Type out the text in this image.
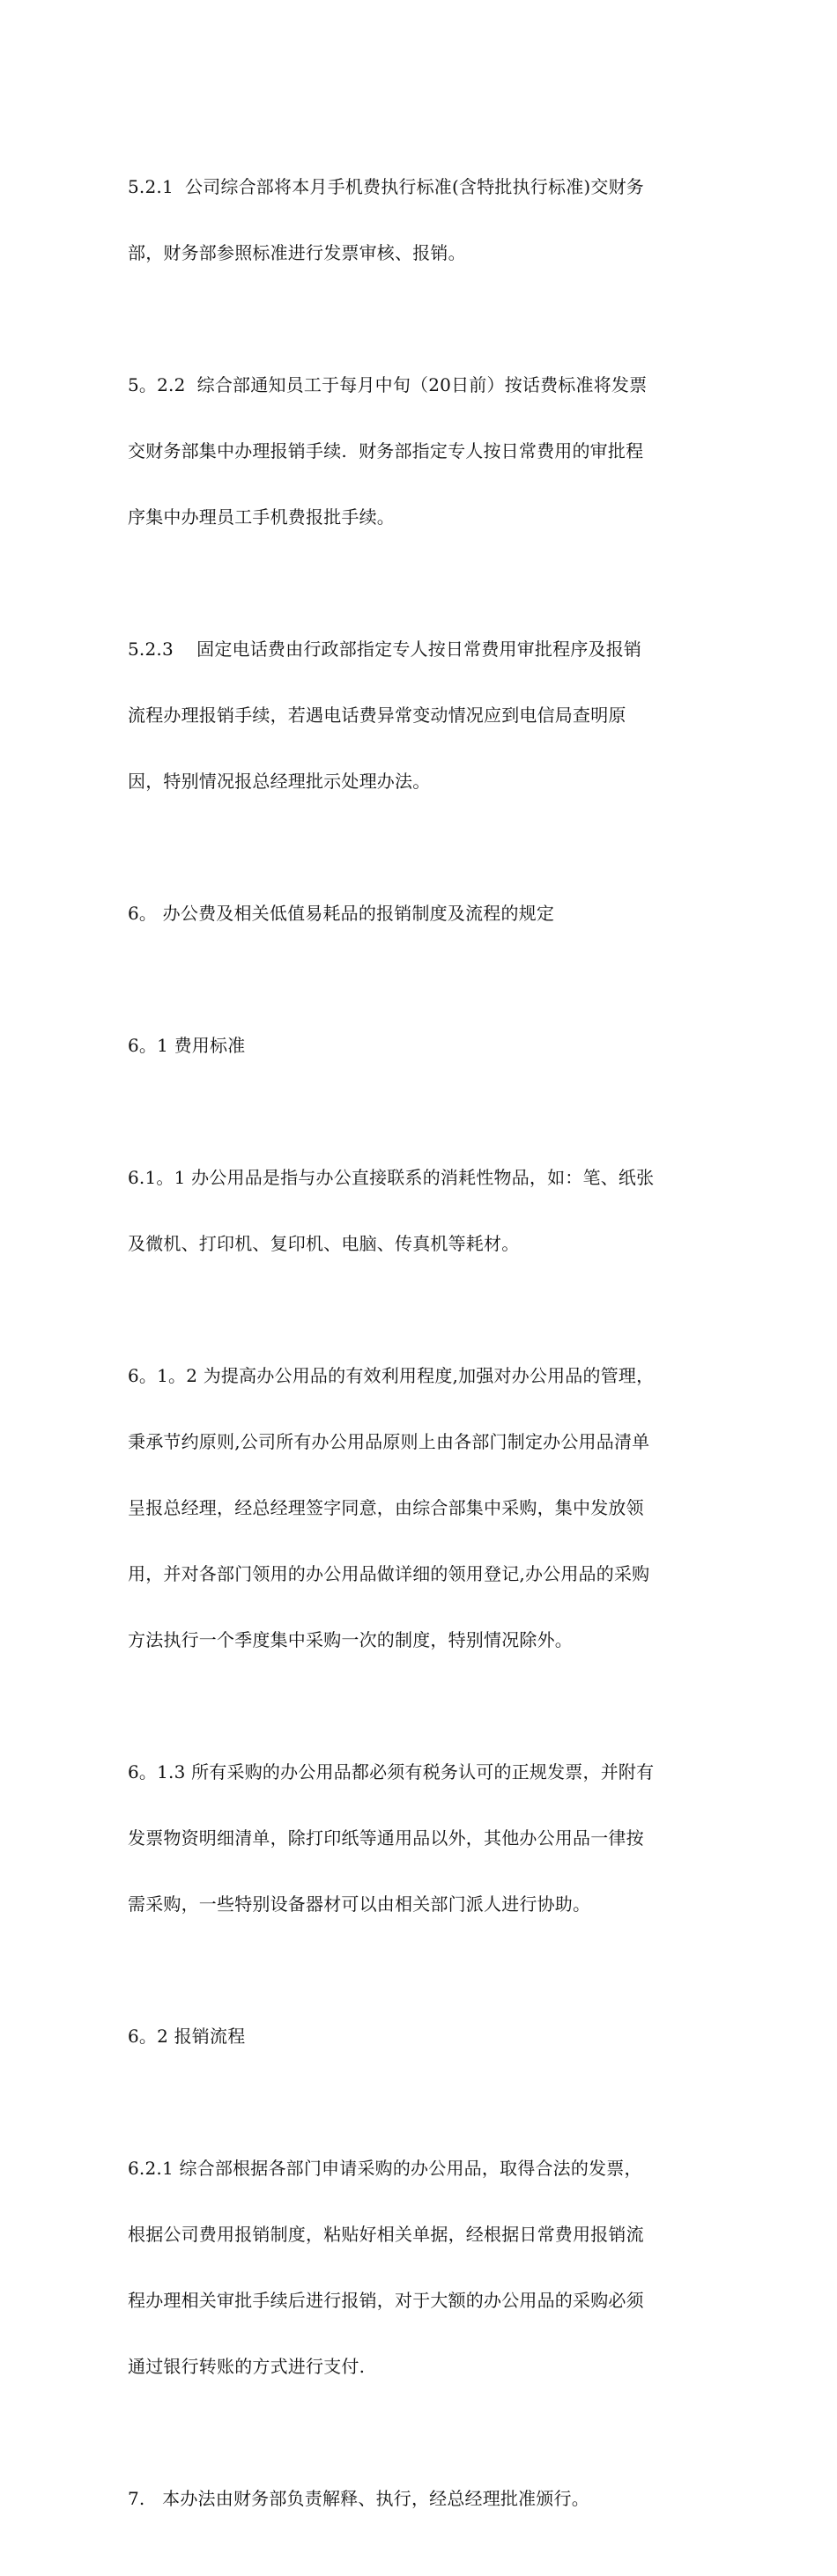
5.2.1  公司综合部将本月手机费执行标准(含特批执行标准)交财务

部，财务部参照标准进行发票审核、报销。

5。2.2  综合部通知员工于每月中旬（20日前）按话费标准将发票

交财务部集中办理报销手续.  财务部指定专人按日常费用的审批程

序集中办理员工手机费报批手续。

5.2.3    固定电话费由行政部指定专人按日常费用审批程序及报销

流程办理报销手续，若遇电话费异常变动情况应到电信局查明原

因，特别情况报总经理批示处理办法。

6。 办公费及相关低值易耗品的报销制度及流程的规定

6。1 费用标准

6.1。1 办公用品是指与办公直接联系的消耗性物品，如：笔、纸张

及微机、打印机、复印机、电脑、传真机等耗材。

6。1。2 为提高办公用品的有效利用程度,加强对办公用品的管理，

秉承节约原则,公司所有办公用品原则上由各部门制定办公用品清单

呈报总经理，经总经理签字同意，由综合部集中采购，集中发放领

用，并对各部门领用的办公用品做详细的领用登记,办公用品的采购

方法执行一个季度集中采购一次的制度，特别情况除外。

6。1.3 所有采购的办公用品都必须有税务认可的正规发票，并附有

发票物资明细清单，除打印纸等通用品以外，其他办公用品一律按

需采购，一些特别设备器材可以由相关部门派人进行协助。

6。2 报销流程

6.2.1 综合部根据各部门申请采购的办公用品，取得合法的发票，

根据公司费用报销制度，粘贴好相关单据，经根据日常费用报销流

程办理相关审批手续后进行报销，对于大额的办公用品的采购必须

通过银行转账的方式进行支付.

7.   本办法由财务部负责解释、执行，经总经理批准颁行。
